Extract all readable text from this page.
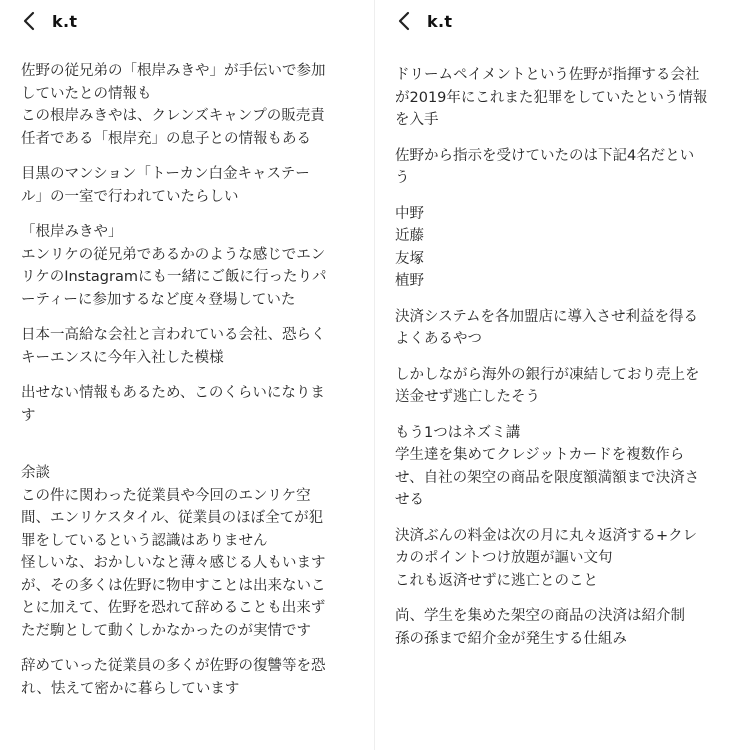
k.t
佐野の従兄弟の「根岸みきや」が手伝いで参加
していたとの情報も
この根岸みきやは、クレンズキャンプの販売責
任者である「根岸充」の息子との情報もある
目黒のマンション「トーカン白金キャステー
ル」の一室で行われていたらしい
「根岸みきや」
エンリケの従兄弟であるかのような感じでエン
リケのInstagramにも一緒にご飯に行ったりパ
ーティーに参加するなど度々登場していた
日本一高給な会社と言われている会社、恐らく
キーエンスに今年入社した模様
出せない情報もあるため、このくらいになりま
す
余談
この件に関わった従業員や今回のエンリケ空
間、エンリケスタイル、従業員のほぼ全てが犯
罪をしているという認識はありません
怪しいな、おかしいなと薄々感じる人もいます
が、その多くは佐野に物申すことは出来ないこ
とに加えて、佐野を恐れて辞めることも出来ず
ただ駒として動くしかなかったのが実情です
辞めていった従業員の多くが佐野の復讐等を恐
れ、怯えて密かに暮らしています
k.t
ドリームペイメントという佐野が指揮する会社
が2019年にこれまた犯罪をしていたという情報
を入手
佐野から指示を受けていたのは下記4名だとい
う
中野
近藤
友塚
植野
決済システムを各加盟店に導入させ利益を得る
よくあるやつ
しかしながら海外の銀行が凍結しており売上を
送金せず逃亡したそう
もう1つはネズミ講
学生達を集めてクレジットカードを複数作ら
せ、自社の架空の商品を限度額満額まで決済さ
せる
決済ぶんの料金は次の月に丸々返済する+クレ
カのポイントつけ放題が謳い文句
これも返済せずに逃亡とのこと
尚、学生を集めた架空の商品の決済は紹介制
孫の孫まで紹介金が発生する仕組み
